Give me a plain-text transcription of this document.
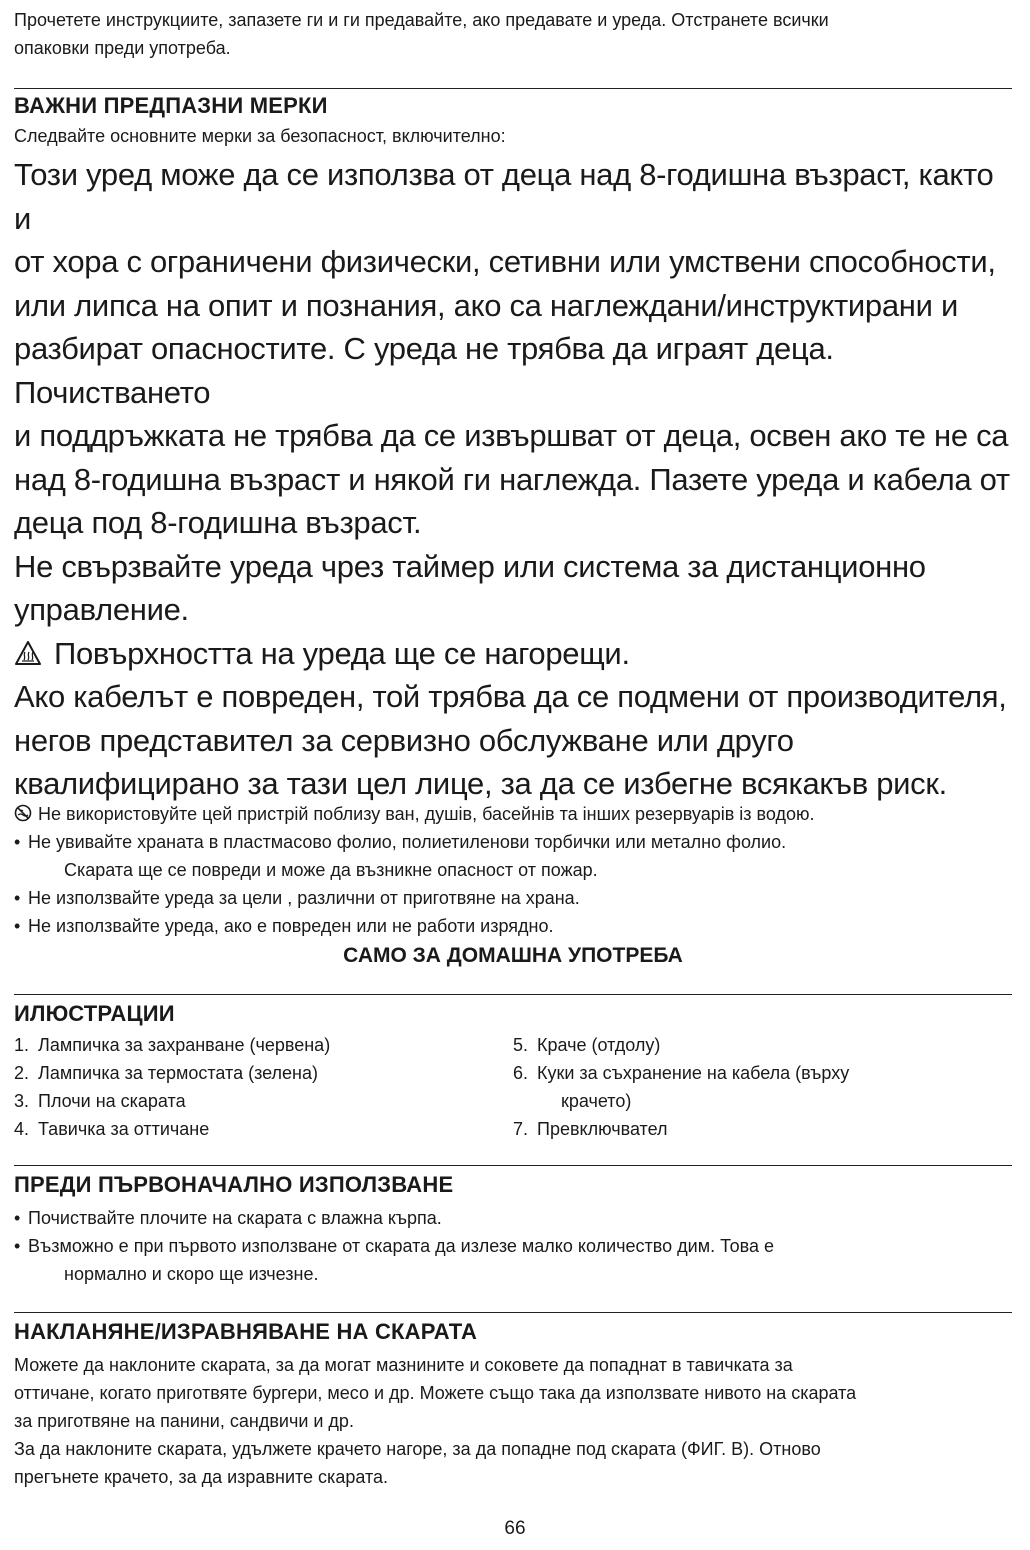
Прочетете инструкциите, запазете ги и ги предавайте, ако предавате и уреда. Отстранете всички

опаковки преди употреба.

ВАЖНИ ПРЕДПАЗНИ МЕРКИ

Следвайте основните мерки за безопасност, включително:

Този уред може да се използва от деца над 8-годишна възраст, както и

от хора с ограничени физически, сетивни или умствени способности,

или липса на опит и познания, ако са наглеждани/инструктирани и

разбират опасностите. С уреда не трябва да играят деца. Почистването

и поддръжката не трябва да се извършват от деца, освен ако те не са

над 8-годишна възраст и някой ги наглежда. Пазете уреда и кабела от

деца под 8-годишна възраст.

Не свързвайте уреда чрез таймер или система за дистанционно

управление.

Повърхността на уреда ще се нагорещи.

Ако кабелът е повреден, той трябва да се подмени от производителя,

негов представител за сервизно обслужване или друго

квалифицирано за тази цел лице, за да се избегне всякакъв риск.

Не використовуйте цей пристрій поблизу ван, душів, басейнів та інших резервуарів із водою.

• Не увивайте храната в пластмасово фолио, полиетиленови торбички или метално фолио.

Скарата ще се повреди и може да възникне опасност от пожар.

• Не използвайте уреда за цели , различни от приготвяне на храна.
• Не използвайте уреда, ако е повреден или не работи изрядно.

САМО ЗА ДОМАШНА УПОТРЕБА

ИЛЮСТРАЦИИ
1. Лампичка за захранване (червена)
2. Лампичка за термостата (зелена)
3. Плочи на скарата
4. Тавичка за оттичане
5. Краче (отдолу)
6. Куки за съхранение на кабела (върху
крачето)
7. Превключвател
ПРЕДИ ПЪРВОНАЧАЛНО ИЗПОЛЗВАНЕ
• Почиствайте плочите на скарата с влажна кърпа.
• Възможно е при първото използване от скарата да излезе малко количество дим. Това е

нормално и скоро ще изчезне.

НАКЛАНЯНЕ/ИЗРАВНЯВАНЕ НА СКАРАТА

Можете да наклоните скарата, за да могат мазнините и соковете да попаднат в тавичката за

оттичане, когато приготвяте бургери, месо и др. Можете също така да използвате нивото на скарата

за приготвяне на панини, сандвичи и др.

За да наклоните скарата, удължете крачето нагоре, за да попадне под скарата (ФИГ. В). Отново

прегънете крачето, за да изравните скарата.

66
